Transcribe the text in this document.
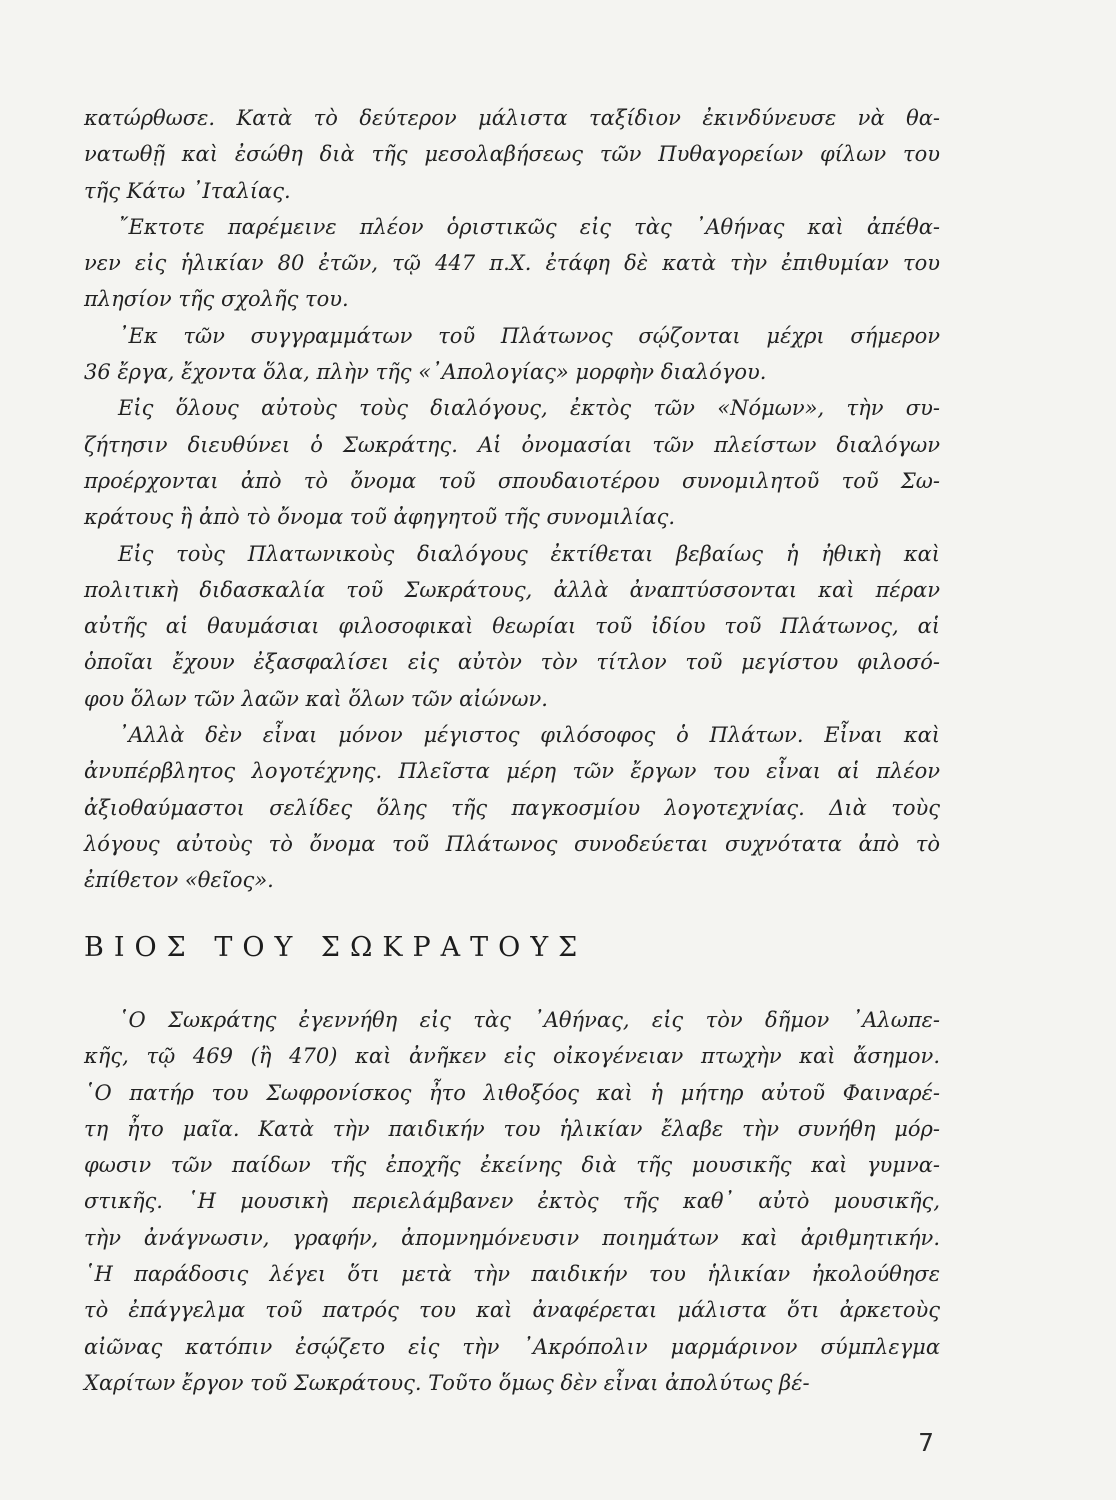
κατώρθωσε. Κατὰ τὸ δεύτερον μάλιστα ταξίδιον ἐκινδύνευσε νὰ θα-
νατωθῇ καὶ ἐσώθη διὰ τῆς μεσολαβήσεως τῶν Πυθαγορείων φίλων του
τῆς Κάτω ᾿Ιταλίας.
῎Εκτοτε παρέμεινε πλέον ὁριστικῶς εἰς τὰς ᾿Αθήνας καὶ ἀπέθα-
νεν εἰς ἡλικίαν 80 ἐτῶν, τῷ 447 π.Χ. ἐτάφη δὲ κατὰ τὴν ἐπιθυμίαν του
πλησίον τῆς σχολῆς του.
᾿Εκ τῶν συγγραμμάτων τοῦ Πλάτωνος σῴζονται μέχρι σήμερον
36 ἔργα, ἔχοντα ὅλα, πλὴν τῆς «᾿Απολογίας» μορφὴν διαλόγου.
Εἰς ὅλους αὐτοὺς τοὺς διαλόγους, ἐκτὸς τῶν «Νόμων», τὴν συ-
ζήτησιν διευθύνει ὁ Σωκράτης. Αἱ ὀνομασίαι τῶν πλείστων διαλόγων
προέρχονται ἀπὸ τὸ ὄνομα τοῦ σπουδαιοτέρου συνομιλητοῦ τοῦ Σω-
κράτους ἢ ἀπὸ τὸ ὄνομα τοῦ ἀφηγητοῦ τῆς συνομιλίας.
Εἰς τοὺς Πλατωνικοὺς διαλόγους ἐκτίθεται βεβαίως ἡ ἠθικὴ καὶ
πολιτικὴ διδασκαλία τοῦ Σωκράτους, ἀλλὰ ἀναπτύσσονται καὶ πέραν
αὐτῆς αἱ θαυμάσιαι φιλοσοφικαὶ θεωρίαι τοῦ ἰδίου τοῦ Πλάτωνος, αἱ
ὁποῖαι ἔχουν ἐξασφαλίσει εἰς αὐτὸν τὸν τίτλον τοῦ μεγίστου φιλοσό-
φου ὅλων τῶν λαῶν καὶ ὅλων τῶν αἰώνων.
᾿Αλλὰ δὲν εἶναι μόνον μέγιστος φιλόσοφος ὁ Πλάτων. Εἶναι καὶ
ἀνυπέρβλητος λογοτέχνης. Πλεῖστα μέρη τῶν ἔργων του εἶναι αἱ πλέον
ἀξιοθαύμαστοι σελίδες ὅλης τῆς παγκοσμίου λογοτεχνίας. Διὰ τοὺς
λόγους αὐτοὺς τὸ ὄνομα τοῦ Πλάτωνος συνοδεύεται συχνότατα ἀπὸ τὸ
ἐπίθετον «θεῖος».
ΒΙΟΣ ΤΟΥ ΣΩΚΡΑΤΟΥΣ
῾Ο Σωκράτης ἐγεννήθη εἰς τὰς ᾿Αθήνας, εἰς τὸν δῆμον ᾿Αλωπε-
κῆς, τῷ 469 (ἢ 470) καὶ ἀνῆκεν εἰς οἰκογένειαν πτωχὴν καὶ ἄσημον.
῾Ο πατήρ του Σωφρονίσκος ἦτο λιθοξόος καὶ ἡ μήτηρ αὐτοῦ Φαιναρέ-
τη ἦτο μαῖα. Κατὰ τὴν παιδικήν του ἡλικίαν ἔλαβε τὴν συνήθη μόρ-
φωσιν τῶν παίδων τῆς ἐποχῆς ἐκείνης διὰ τῆς μουσικῆς καὶ γυμνα-
στικῆς. ῾Η μουσικὴ περιελάμβανεν ἐκτὸς τῆς καθ᾿ αὐτὸ μουσικῆς,
τὴν ἀνάγνωσιν, γραφήν, ἀπομνημόνευσιν ποιημάτων καὶ ἀριθμητικήν.
῾Η παράδοσις λέγει ὅτι μετὰ τὴν παιδικήν του ἡλικίαν ἠκολούθησε
τὸ ἐπάγγελμα τοῦ πατρός του καὶ ἀναφέρεται μάλιστα ὅτι ἀρκετοὺς
αἰῶνας κατόπιν ἐσῴζετο εἰς τὴν ᾿Ακρόπολιν μαρμάρινον σύμπλεγμα
Χαρίτων ἔργον τοῦ Σωκράτους. Τοῦτο ὅμως δὲν εἶναι ἀπολύτως βέ-
7
